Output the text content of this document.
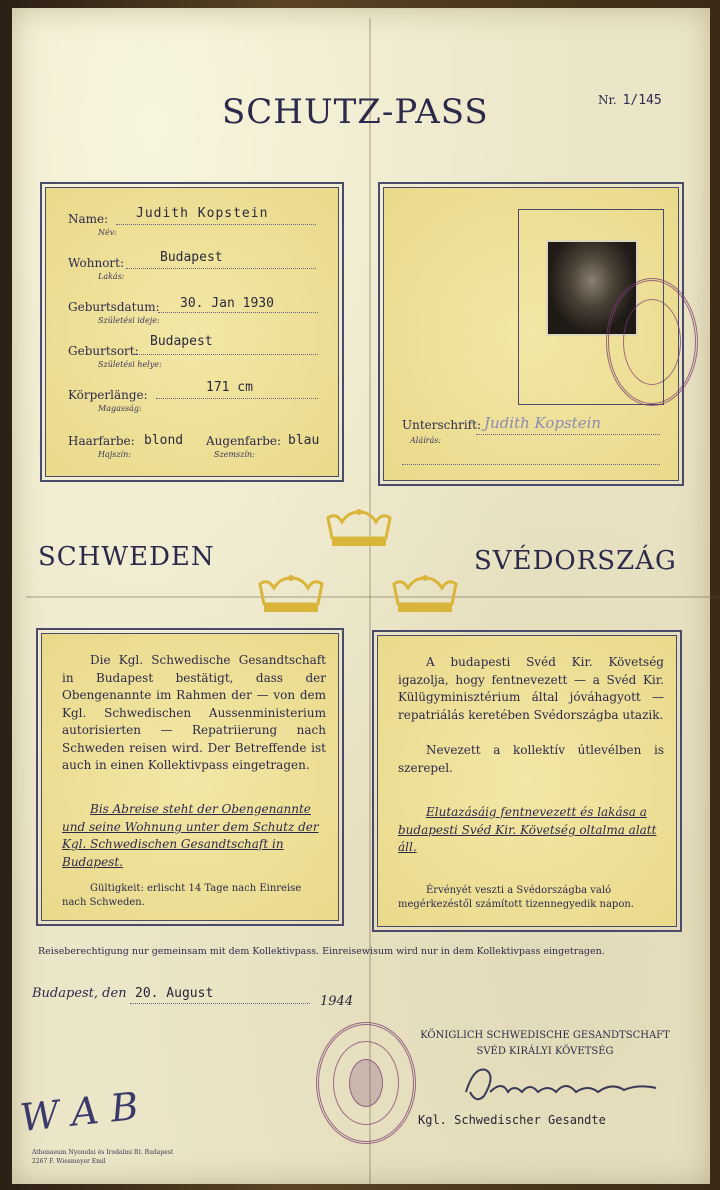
SCHUTZ-PASS	Nr. 1/145
Name:
Név:
Judith Kopstein
Wohnort:
Lakás:
Budapest
Geburtsdatum:
Születési ideje:
30. Jan 1930
Geburtsort:
Születési helye:
Budapest
Körperlänge:
Magasság:
171 cm
Haarfarbe:
Hajszín:
blond Augenfarbe:
Szemszín:
blau
Unterschrift:
Aláírás:
Judith Kopstein
SCHWEDEN	SVÉDORSZÁG
Die Kgl. Schwedische Gesandtschaft in Budapest bestätigt, dass der Obengenannte im Rahmen der — von dem Kgl. Schwedischen Aussenministerium autorisierten — Repatriierung nach Schweden reisen wird. Der Betreffende ist auch in einen Kollektivpass eingetragen.
Bis Abreise steht der Obengenannte und seine Wohnung unter dem Schutz der Kgl. Schwedischen Gesandtschaft in Budapest.
Gültigkeit: erlischt 14 Tage nach Einreise nach Schweden.
A budapesti Svéd Kir. Követség igazolja, hogy fentnevezett — a Svéd Kir. Külügyminisztérium által jóváhagyott — repatriálás keretében Svédországba utazik.
Nevezett a kollektív útlevélben is szerepel.
Elutazásáig fentnevezett és lakása a budapesti Svéd Kir. Követség oltalma alatt áll.
Érvényét veszti a Svédországba való megérkezéstől számított tizennegyedik napon.
Reiseberechtigung nur gemeinsam mit dem Kollektivpass. Einreisewisum wird nur in dem Kollektivpass eingetragen.
Budapest, den 20. August
1944
KÖNIGLICH SCHWEDISCHE GESANDTSCHAFT
SVÉD KIRÁLYI KÖVETSÉG
Kgl. Schwedischer Gesandte
W A B
Athenaeum Nyomdai és Irodalmi Rt. Budapest
2267 F. Wiesmeyer Emil
